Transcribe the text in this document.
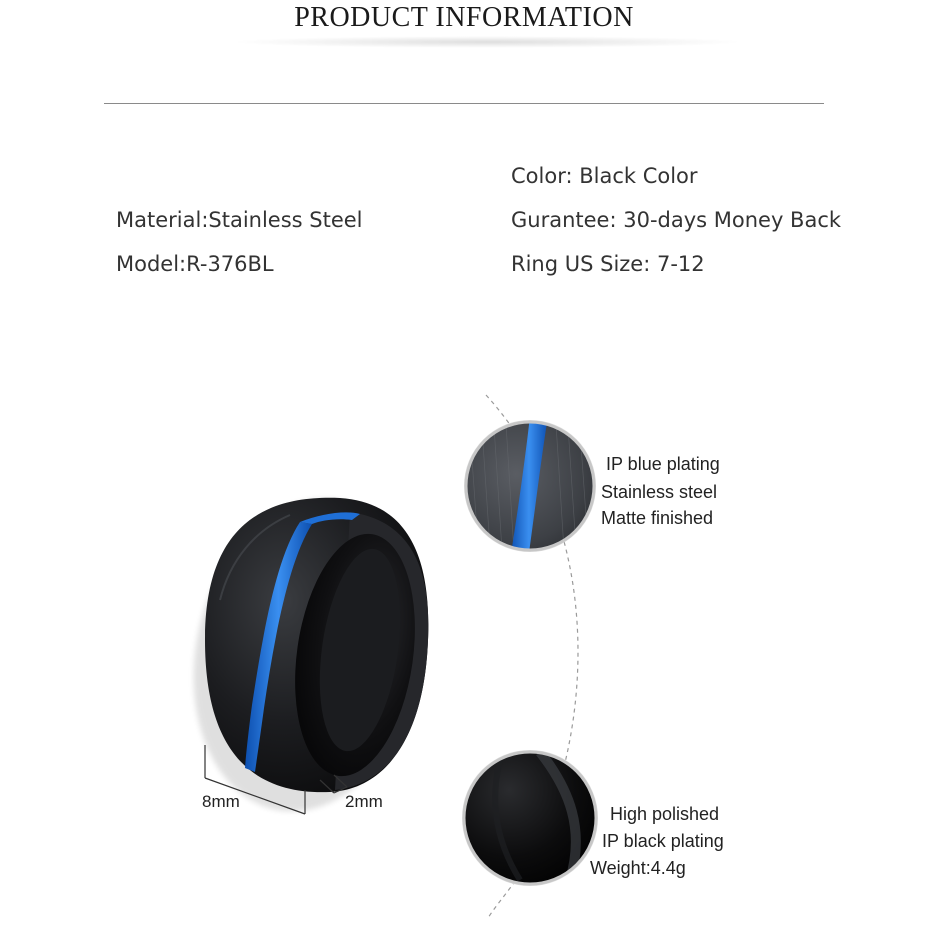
PRODUCT INFORMATION
Color: Black Color
Material:Stainless Steel	Gurantee: 30-days Money Back
Model:R-376BL	Ring US Size: 7-12
IP blue plating
Stainless steel
Matte finished
High polished
IP black plating
Weight:4.4g
8mm	2mm
